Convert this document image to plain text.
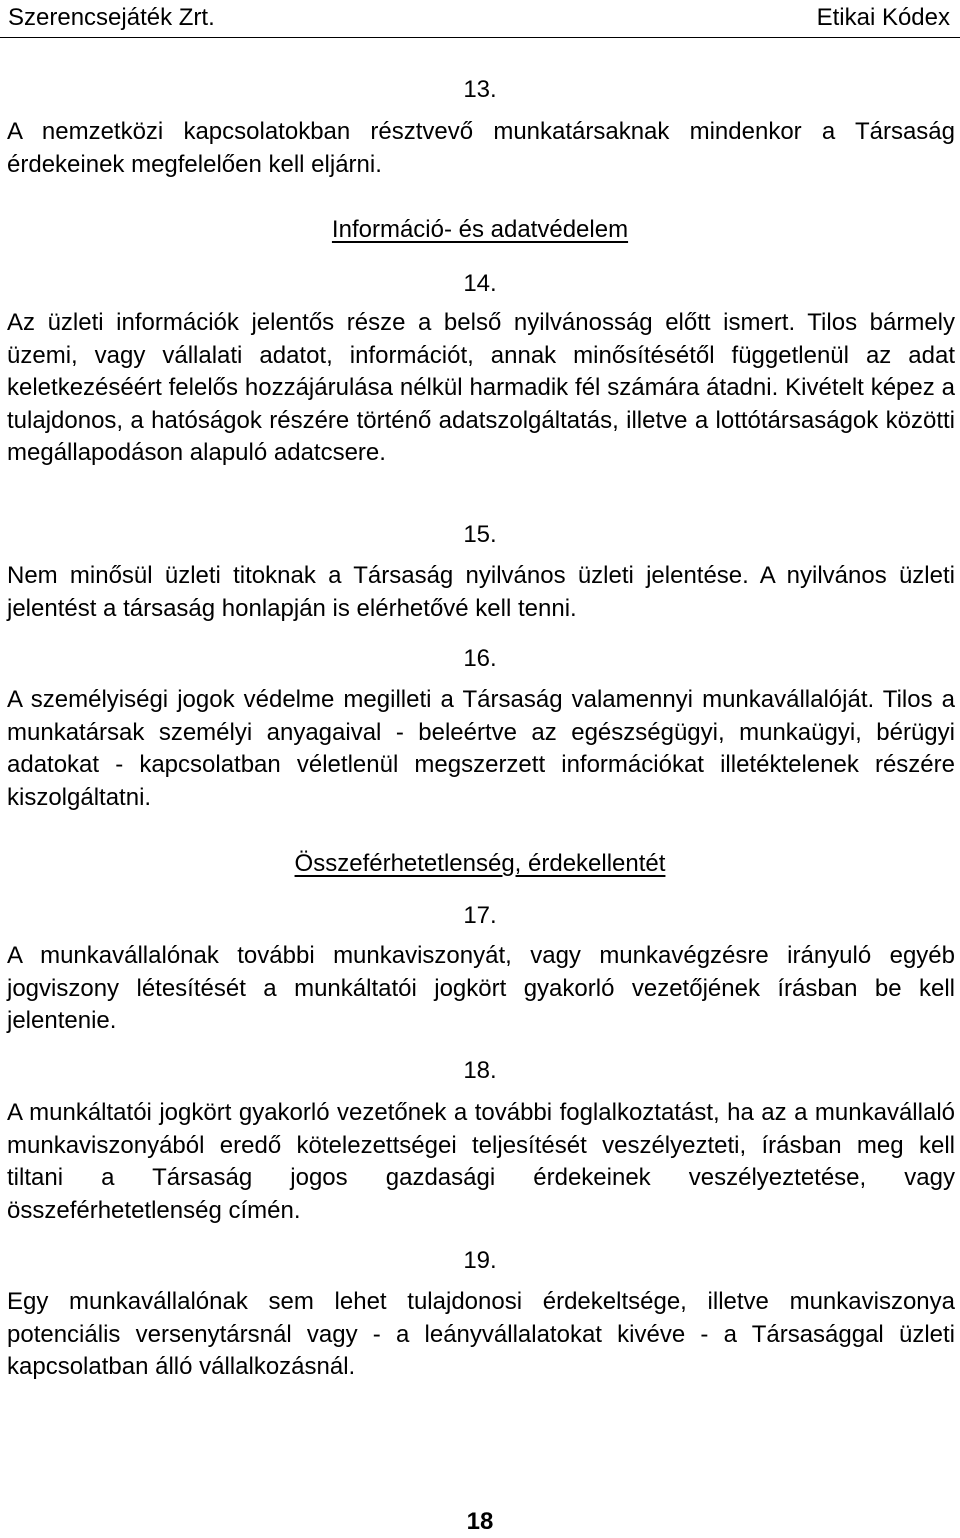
Szerencsejáték Zrt.	Etikai Kódex
13.

A nemzetközi kapcsolatokban résztvevő munkatársaknak mindenkor a Társaság érdekeinek megfelelően kell eljárni.

Információ- és adatvédelem
14.

Az üzleti információk jelentős része a belső nyilvánosság előtt ismert. Tilos bármely üzemi, vagy vállalati adatot, információt, annak minősítésétől függetlenül az adat keletkezéséért felelős hozzájárulása nélkül harmadik fél számára átadni. Kivételt képez a tulajdonos, a hatóságok részére történő adatszolgáltatás, illetve a lottótársaságok közötti megállapodáson alapuló adatcsere.

15.

Nem minősül üzleti titoknak a Társaság nyilvános üzleti jelentése. A nyilvános üzleti jelentést a társaság honlapján is elérhetővé kell tenni.

16.

A személyiségi jogok védelme megilleti a Társaság valamennyi munkavállalóját. Tilos a munkatársak személyi anyagaival - beleértve az egészségügyi, munkaügyi, bérügyi adatokat - kapcsolatban véletlenül megszerzett információkat illetéktelenek részére kiszolgáltatni.

Összeférhetetlenség, érdekellentét
17.

A munkavállalónak további munkaviszonyát, vagy munkavégzésre irányuló egyéb jogviszony létesítését a munkáltatói jogkört gyakorló vezetőjének írásban be kell jelentenie.

18.

A munkáltatói jogkört gyakorló vezetőnek a további foglalkoztatást, ha az a munkavállaló munkaviszonyából eredő kötelezettségei teljesítését veszélyezteti, írásban meg kell tiltani a Társaság jogos gazdasági érdekeinek veszélyeztetése, vagy összeférhetetlenség címén.

19.

Egy munkavállalónak sem lehet tulajdonosi érdekeltsége, illetve munkaviszonya potenciális versenytársnál vagy - a leányvállalatokat kivéve - a Társasággal üzleti kapcsolatban álló vállalkozásnál.

18
